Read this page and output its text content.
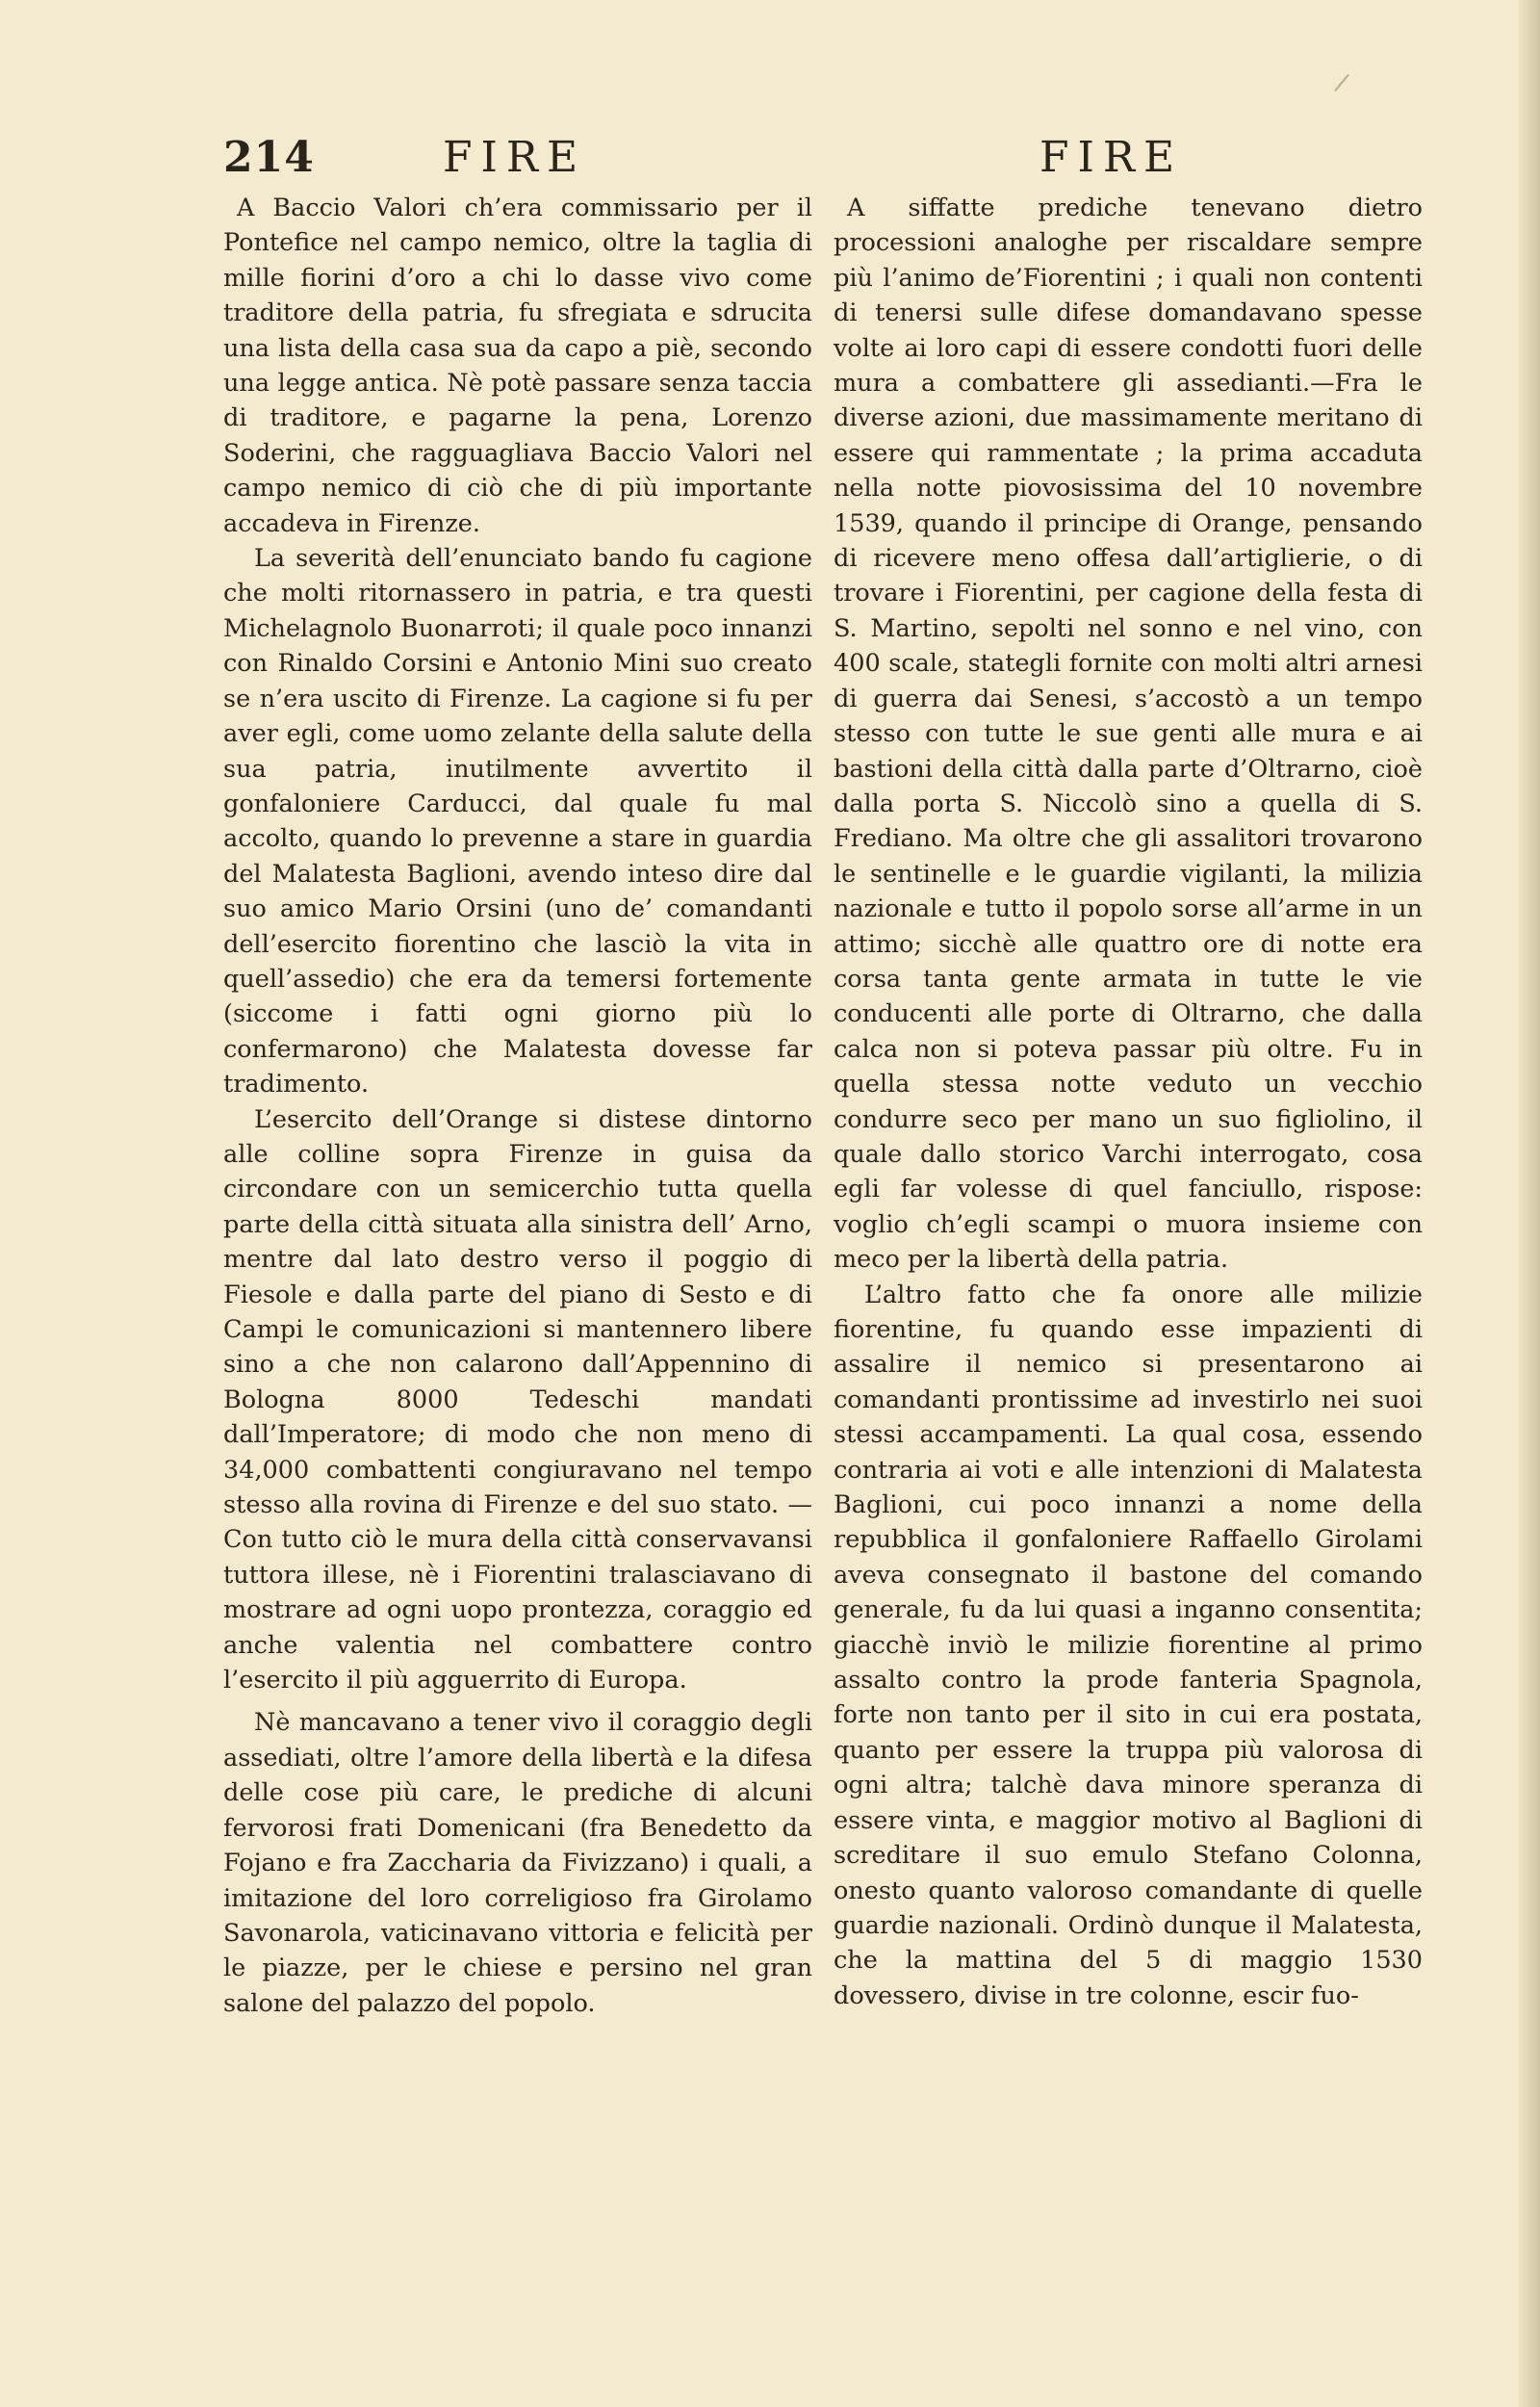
214	FIRE	FIRE

A Baccio Valori ch’era commissario per il Pontefice nel campo nemico, oltre la taglia di mille fiorini d’oro a chi lo dasse vivo come traditore della patria, fu sfregiata e sdrucita una lista della casa sua da capo a piè, secondo una legge antica. Nè potè passare senza taccia di traditore, e pagarne la pena, Lorenzo Soderini, che ragguagliava Baccio Valori nel campo nemico di ciò che di più importante accadeva in Firenze.

La severità dell’enunciato bando fu cagione che molti ritornassero in patria, e tra questi Michelagnolo Buonarroti; il quale poco innanzi con Rinaldo Corsini e Antonio Mini suo creato se n’era uscito di Firenze. La cagione si fu per aver egli, come uomo zelante della salute della sua patria, inutilmente avvertito il gonfaloniere Carducci, dal quale fu mal accolto, quando lo prevenne a stare in guardia del Malatesta Baglioni, avendo inteso dire dal suo amico Mario Orsini (uno de’ comandanti dell’esercito fiorentino che lasciò la vita in quell’assedio) che era da temersi fortemente (siccome i fatti ogni giorno più lo confermarono) che Malatesta dovesse far tradimento.

L’esercito dell’Orange si distese dintorno alle colline sopra Firenze in guisa da circondare con un semicerchio tutta quella parte della città situata alla sinistra dell’ Arno, mentre dal lato destro verso il poggio di Fiesole e dalla parte del piano di Sesto e di Campi le comunicazioni si mantennero libere sino a che non calarono dall’Appennino di Bologna 8000 Tedeschi mandati dall’Imperatore; di modo che non meno di 34,000 combattenti congiuravano nel tempo stesso alla rovina di Firenze e del suo stato. — Con tutto ciò le mura della città conservavansi tuttora illese, nè i Fiorentini tralasciavano di mostrare ad ogni uopo prontezza, coraggio ed anche valentia nel combattere contro l’esercito il più agguerrito di Europa.

Nè mancavano a tener vivo il coraggio degli assediati, oltre l’amore della libertà e la difesa delle cose più care, le prediche di alcuni fervorosi frati Domenicani (fra Benedetto da Fojano e fra Zaccharia da Fivizzano) i quali, a imitazione del loro correligioso fra Girolamo Savonarola, vaticinavano vittoria e felicità per le piazze, per le chiese e persino nel gran salone del palazzo del popolo.

A siffatte prediche tenevano dietro processioni analoghe per riscaldare sempre più l’animo de’Fiorentini ; i quali non contenti di tenersi sulle difese domandavano spesse volte ai loro capi di essere condotti fuori delle mura a combattere gli assedianti.—Fra le diverse azioni, due massimamente meritano di essere qui rammentate ; la prima accaduta nella notte piovosissima del 10 novembre 1539, quando il principe di Orange, pensando di ricevere meno offesa dall’artiglierie, o di trovare i Fiorentini, per cagione della festa di S. Martino, sepolti nel sonno e nel vino, con 400 scale, stategli fornite con molti altri arnesi di guerra dai Senesi, s’accostò a un tempo stesso con tutte le sue genti alle mura e ai bastioni della città dalla parte d’Oltrarno, cioè dalla porta S. Niccolò sino a quella di S. Frediano. Ma oltre che gli assalitori trovarono le sentinelle e le guardie vigilanti, la milizia nazionale e tutto il popolo sorse all’arme in un attimo; sicchè alle quattro ore di notte era corsa tanta gente armata in tutte le vie conducenti alle porte di Oltrarno, che dalla calca non si poteva passar più oltre. Fu in quella stessa notte veduto un vecchio condurre seco per mano un suo figliolino, il quale dallo storico Varchi interrogato, cosa egli far volesse di quel fanciullo, rispose: voglio ch’egli scampi o muora insieme con meco per la libertà della patria.

L’altro fatto che fa onore alle milizie fiorentine, fu quando esse impazienti di assalire il nemico si presentarono ai comandanti prontissime ad investirlo nei suoi stessi accampamenti. La qual cosa, essendo contraria ai voti e alle intenzioni di Malatesta Baglioni, cui poco innanzi a nome della repubblica il gonfaloniere Raffaello Girolami aveva consegnato il bastone del comando generale, fu da lui quasi a inganno consentita; giacchè inviò le milizie fiorentine al primo assalto contro la prode fanteria Spagnola, forte non tanto per il sito in cui era postata, quanto per essere la truppa più valorosa di ogni altra; talchè dava minore speranza di essere vinta, e maggior motivo al Baglioni di screditare il suo emulo Stefano Colonna, onesto quanto valoroso comandante di quelle guardie nazionali. Ordinò dunque il Malatesta, che la mattina del 5 di maggio 1530 dovessero, divise in tre colonne, escir fuo-
